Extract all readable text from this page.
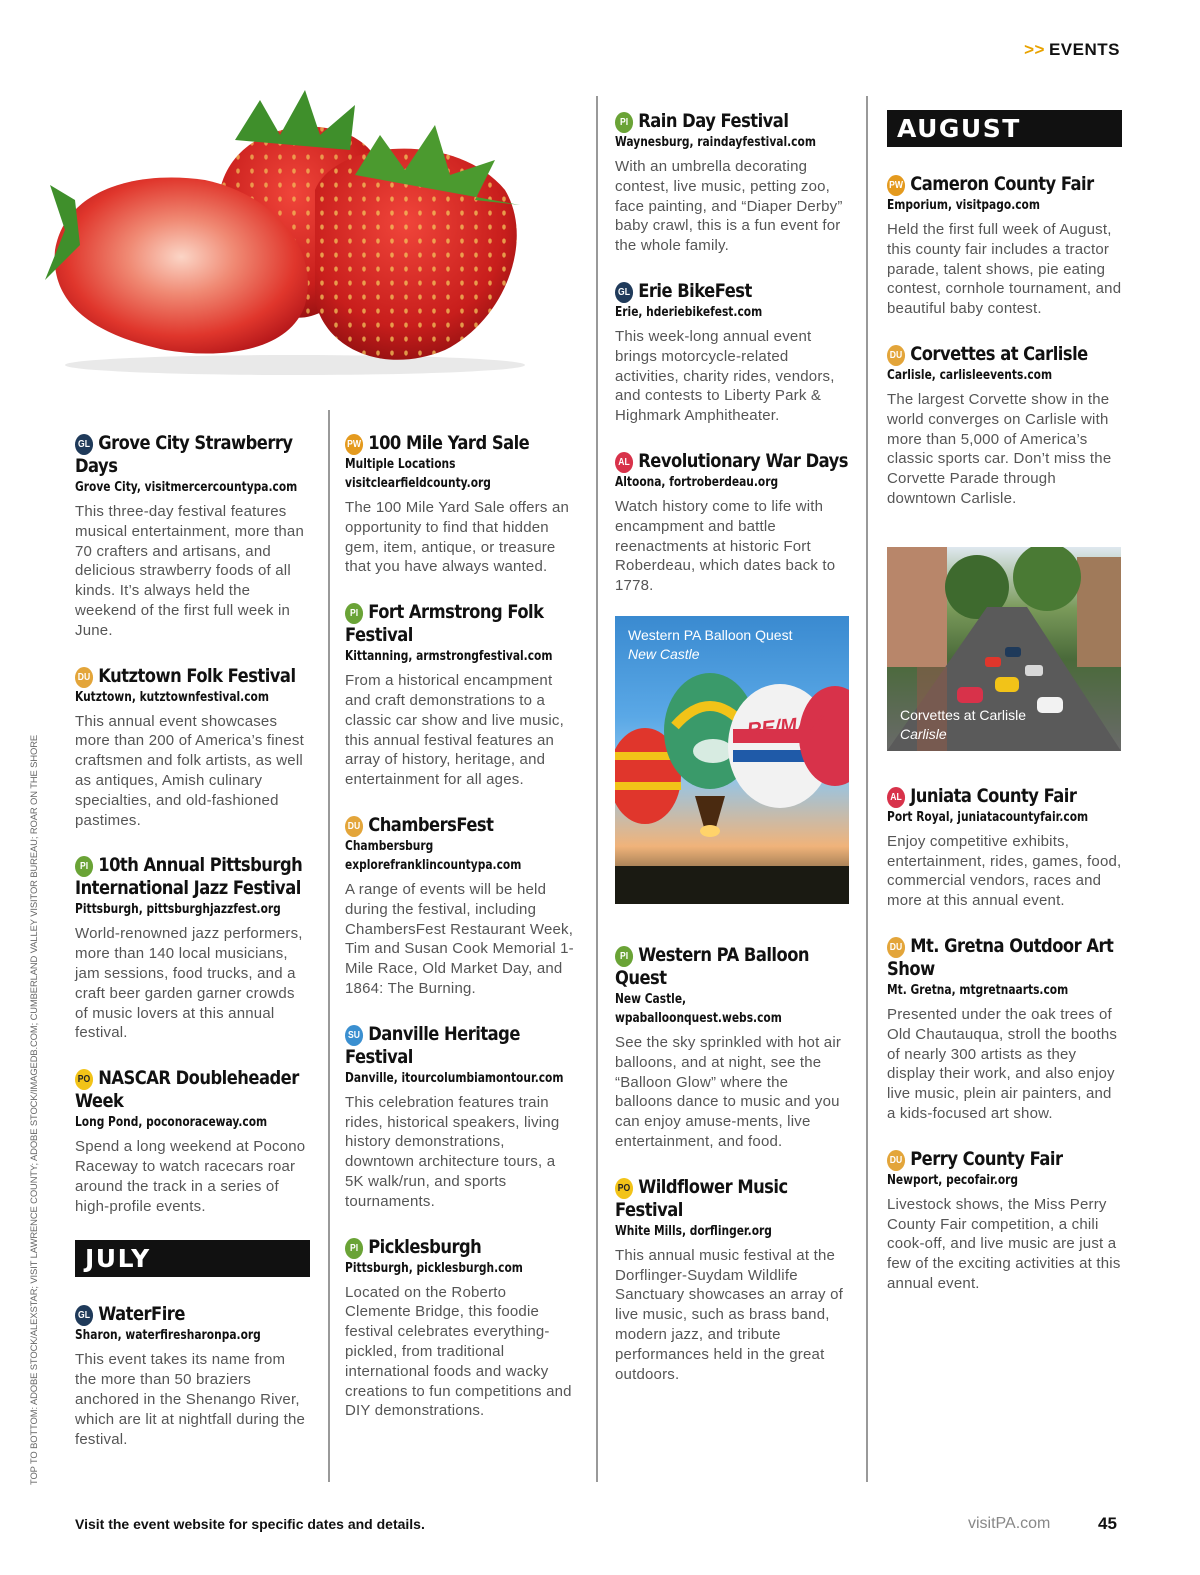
>> EVENTS
GL Grove City Strawberry Days
Grove City, visitmercercountypa.com
This three-day festival features musical entertainment, more than 70 crafters and artisans, and delicious strawberry foods of all kinds. It’s always held the weekend of the first full week in June.
DU Kutztown Folk Festival
Kutztown, kutztownfestival.com
This annual event showcases more than 200 of America’s finest craftsmen and folk artists, as well as antiques, Amish culinary specialties, and old-fashioned pastimes.
PI 10th Annual Pittsburgh International Jazz Festival
Pittsburgh, pittsburghjazzfest.org
World-renowned jazz performers, more than 140 local musicians, jam sessions, food trucks, and a craft beer garden garner crowds of music lovers at this annual festival.
PO NASCAR Doubleheader Week
Long Pond, poconoraceway.com
Spend a long weekend at Pocono Raceway to watch racecars roar around the track in a series of high-profile events.
JULY
GL WaterFire
Sharon, waterfiresharonpa.org
This event takes its name from the more than 50 braziers anchored in the Shenango River, which are lit at nightfall during the festival.
PW 100 Mile Yard Sale
Multiple Locations visitclearfieldcounty.org
The 100 Mile Yard Sale offers an opportunity to find that hidden gem, item, antique, or treasure that you have always wanted.
PI Fort Armstrong Folk Festival
Kittanning, armstrongfestival.com
From a historical encampment and craft demonstrations to a classic car show and live music, this annual festival features an array of history, heritage, and entertainment for all ages.
DU ChambersFest
Chambersburg explorefranklincountypa.com
A range of events will be held during the festival, including ChambersFest Restaurant Week, Tim and Susan Cook Memorial 1-Mile Race, Old Market Day, and 1864: The Burning.
SU Danville Heritage Festival
Danville, itourcolumbiamontour.com
This celebration features train rides, historical speakers, living history demonstrations, downtown architecture tours, a 5K walk/run, and sports tournaments.
PI Picklesburgh
Pittsburgh, picklesburgh.com
Located on the Roberto Clemente Bridge, this foodie festival celebrates everything-pickled, from traditional international foods and wacky creations to fun competitions and DIY demonstrations.
PI Rain Day Festival
Waynesburg, raindayfestival.com
With an umbrella decorating contest, live music, petting zoo, face painting, and “Diaper Derby” baby crawl, this is a fun event for the whole family.
GL Erie BikeFest
Erie, hderiebikefest.com
This week-long annual event brings motorcycle-related activities, charity rides, vendors, and contests to Liberty Park & Highmark Amphitheater.
AL Revolutionary War Days
Altoona, fortroberdeau.org
Watch history come to life with encampment and battle reenactments at historic Fort Roberdeau, which dates back to 1778.
RE/MAX
Western PA Balloon Quest
New Castle
PI Western PA Balloon Quest
New Castle, wpaballoonquest.webs.com
See the sky sprinkled with hot air balloons, and at night, see the “Balloon Glow” where the balloons dance to music and you can enjoy amuse-ments, live entertainment, and food.
PO Wildflower Music Festival
White Mills, dorflinger.org
This annual music festival at the Dorflinger-Suydam Wildlife Sanctuary showcases an array of live music, such as brass band, modern jazz, and tribute performances held in the great outdoors.
AUGUST
PW Cameron County Fair
Emporium, visitpago.com
Held the first full week of August, this county fair includes a tractor parade, talent shows, pie eating contest, cornhole tournament, and beautiful baby contest.
DU Corvettes at Carlisle
Carlisle, carlisleevents.com
The largest Corvette show in the world converges on Carlisle with more than 5,000 of America’s classic sports car. Don’t miss the Corvette Parade through downtown Carlisle.
Corvettes at Carlisle
Carlisle
AL Juniata County Fair
Port Royal, juniatacountyfair.com
Enjoy competitive exhibits, entertainment, rides, games, food, commercial vendors, races and more at this annual event.
DU Mt. Gretna Outdoor Art Show
Mt. Gretna, mtgretnaarts.com
Presented under the oak trees of Old Chautauqua, stroll the booths of nearly 300 artists as they display their work, and also enjoy live music, plein air painters, and a kids-focused art show.
DU Perry County Fair
Newport, pecofair.org
Livestock shows, the Miss Perry County Fair competition, a chili cook-off, and live music are just a few of the exciting activities at this annual event.
TOP TO BOTTOM: ADOBE STOCK/ALEXSTAR; VISIT LAWRENCE COUNTY; ADOBE STOCK/IMAGEDB.COM; CUMBERLAND VALLEY VISITOR BUREAU; ROAR ON THE SHORE
Visit the event website for specific dates and details.	visitPA.com	45
